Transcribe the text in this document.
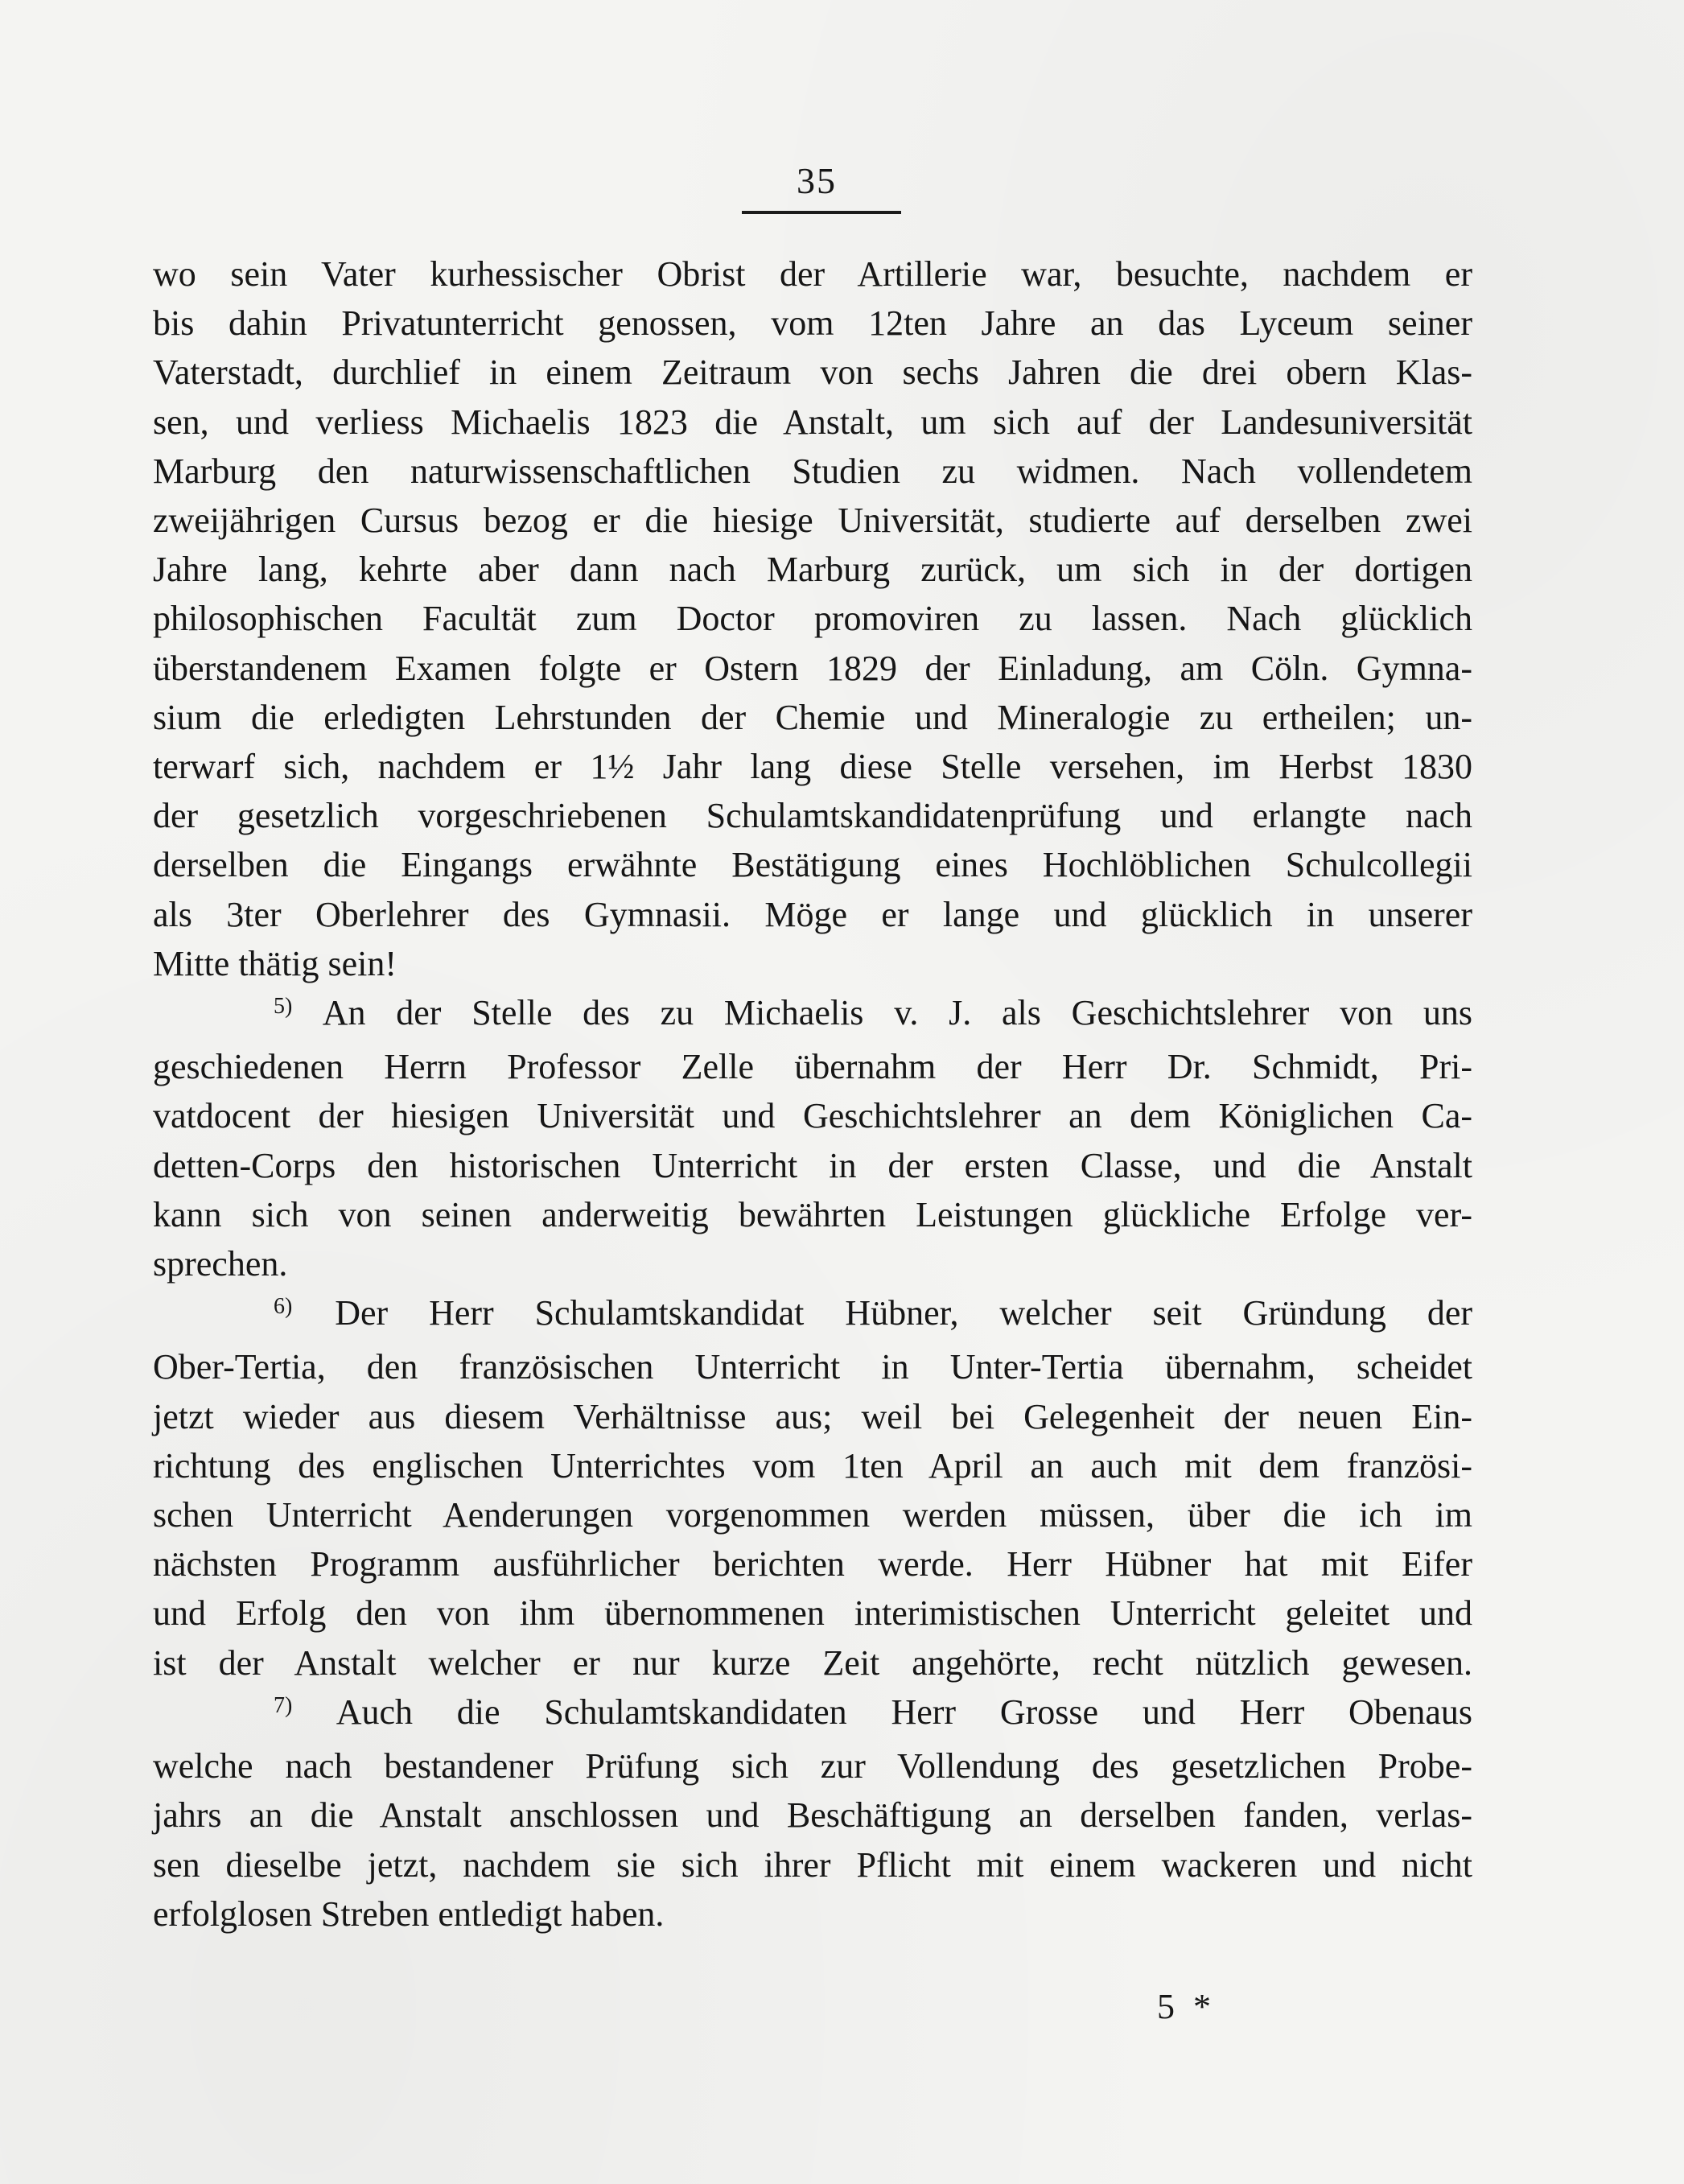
35
wo sein Vater kurhessischer Obrist der Artillerie war, besuchte, nachdem er
bis dahin Privatunterricht genossen, vom 12ten Jahre an das Lyceum seiner
Vaterstadt, durchlief in einem Zeitraum von sechs Jahren die drei obern Klas-
sen, und verliess Michaelis 1823 die Anstalt, um sich auf der Landesuniversität
Marburg den naturwissenschaftlichen Studien zu widmen. Nach vollendetem
zweijährigen Cursus bezog er die hiesige Universität, studierte auf derselben zwei
Jahre lang, kehrte aber dann nach Marburg zurück, um sich in der dortigen
philosophischen Facultät zum Doctor promoviren zu lassen. Nach glücklich
überstandenem Examen folgte er Ostern 1829 der Einladung, am Cöln. Gymna-
sium die erledigten Lehrstunden der Chemie und Mineralogie zu ertheilen; un-
terwarf sich, nachdem er 1½ Jahr lang diese Stelle versehen, im Herbst 1830
der gesetzlich vorgeschriebenen Schulamtskandidatenprüfung und erlangte nach
derselben die Eingangs erwähnte Bestätigung eines Hochlöblichen Schulcollegii
als 3ter Oberlehrer des Gymnasii. Möge er lange und glücklich in unserer
Mitte thätig sein!
$^{5)}$ An der Stelle des zu Michaelis v. J. als Geschichtslehrer von uns
geschiedenen Herrn Professor Zelle übernahm der Herr Dr. Schmidt, Pri-
vatdocent der hiesigen Universität und Geschichtslehrer an dem Königlichen Ca-
detten-Corps den historischen Unterricht in der ersten Classe, und die Anstalt
kann sich von seinen anderweitig bewährten Leistungen glückliche Erfolge ver-
sprechen.
$^{6)}$ Der Herr Schulamtskandidat Hübner, welcher seit Gründung der
Ober-Tertia, den französischen Unterricht in Unter-Tertia übernahm, scheidet
jetzt wieder aus diesem Verhältnisse aus; weil bei Gelegenheit der neuen Ein-
richtung des englischen Unterrichtes vom 1ten April an auch mit dem französi-
schen Unterricht Aenderungen vorgenommen werden müssen, über die ich im
nächsten Programm ausführlicher berichten werde. Herr Hübner hat mit Eifer
und Erfolg den von ihm übernommenen interimistischen Unterricht geleitet und
ist der Anstalt welcher er nur kurze Zeit angehörte, recht nützlich gewesen.
$^{7)}$ Auch die Schulamtskandidaten Herr Grosse und Herr Obenaus
welche nach bestandener Prüfung sich zur Vollendung des gesetzlichen Probe-
jahrs an die Anstalt anschlossen und Beschäftigung an derselben fanden, verlas-
sen dieselbe jetzt, nachdem sie sich ihrer Pflicht mit einem wackeren und nicht
erfolglosen Streben entledigt haben.
5 *
